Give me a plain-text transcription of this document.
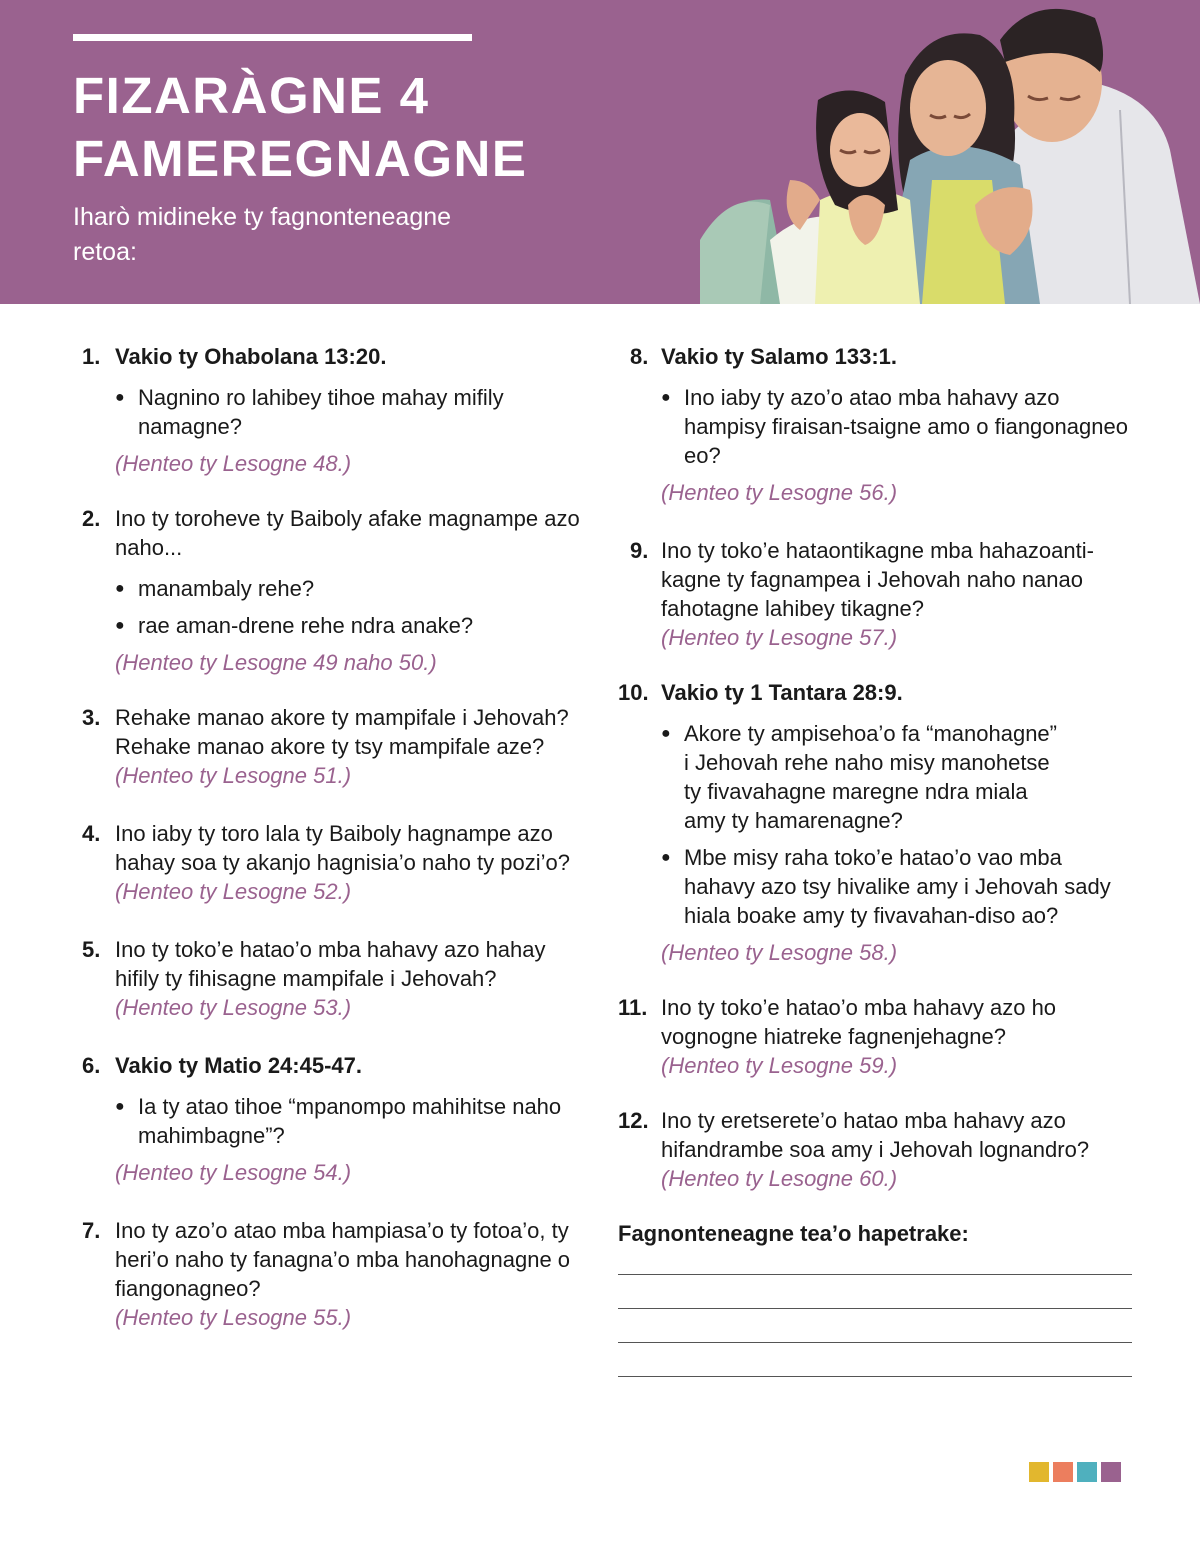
FIZARÀGNE 4
FAMEREGNAGNE
Iharò midineke ty fagnonteneagne retoa:
1. Vakio ty Ohabolana 13:20.
● Nagnino ro lahibey tihoe mahay mifily namagne?
(Henteo ty Lesogne 48.)
2. Ino ty toroheve ty Baiboly afake magnampe azo naho...
● manambaly rehe?
● rae aman-drene rehe ndra anake?
(Henteo ty Lesogne 49 naho 50.)
3. Rehake manao akore ty mampifale i Jehovah? Rehake manao akore ty tsy mampifale aze?
(Henteo ty Lesogne 51.)
4. Ino iaby ty toro lala ty Baiboly hagnampe azo hahay soa ty akanjo hagnisia’o naho ty pozi’o?
(Henteo ty Lesogne 52.)
5. Ino ty toko’e hatao’o mba hahavy azo hahay hifily ty fihisagne mampifale i Jehovah?
(Henteo ty Lesogne 53.)
6. Vakio ty Matio 24:45-47.
● Ia ty atao tihoe “mpanompo mahihitse naho mahimbagne”?
(Henteo ty Lesogne 54.)
7. Ino ty azo’o atao mba hampiasa’o ty fotoa’o, ty heri’o naho ty fanagna’o mba hanohagnagne o fiangonagneo?
(Henteo ty Lesogne 55.)
8. Vakio ty Salamo 133:1.
● Ino iaby ty azo’o atao mba hahavy azo hampisy firaisan-tsaigne amo o fiangonagneo eo?
(Henteo ty Lesogne 56.)
9. Ino ty toko’e hataontikagne mba hahazoanti-kagne ty fagnampea i Jehovah naho nanao fahotagne lahibey tikagne?
(Henteo ty Lesogne 57.)
10. Vakio ty 1 Tantara 28:9.
● Akore ty ampisehoa’o fa “manohagne” i Jehovah rehe naho misy manohetse ty fivavahagne maregne ndra miala amy ty hamarenagne?
● Mbe misy raha toko’e hatao’o vao mba hahavy azo tsy hivalike amy i Jehovah sady hiala boake amy ty fivavahan-diso ao?
(Henteo ty Lesogne 58.)
11. Ino ty toko’e hatao’o mba hahavy azo ho vognogne hiatreke fagnenjehagne?
(Henteo ty Lesogne 59.)
12. Ino ty eretserete’o hatao mba hahavy azo hifandrambe soa amy i Jehovah lognandro?
(Henteo ty Lesogne 60.)
Fagnonteneagne tea’o hapetrake:
